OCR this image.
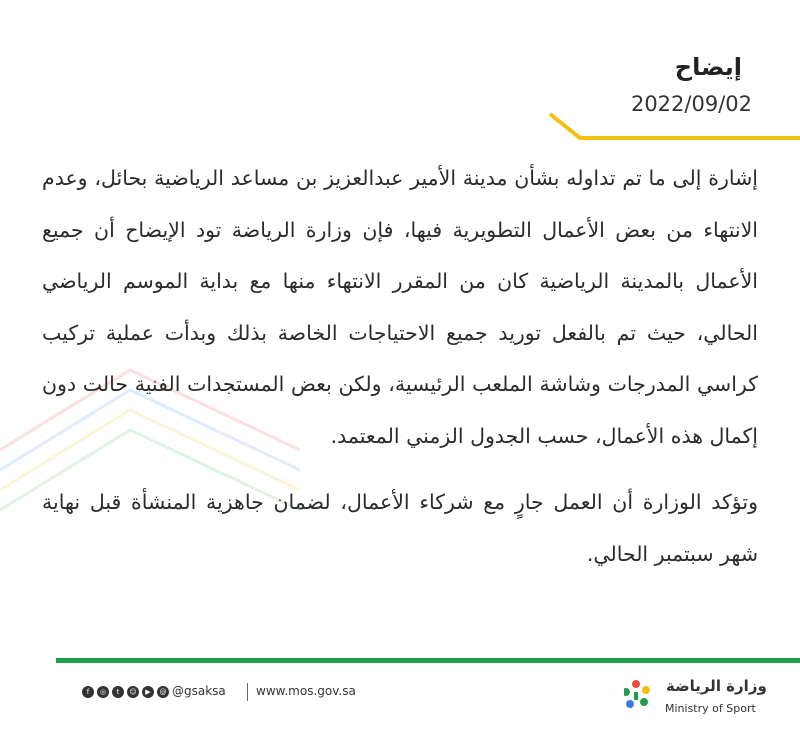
إيضاح
2022/09/02

إشارة إلى ما تم تداوله بشأن مدينة الأمير عبدالعزيز بن مساعد الرياضية بحائل، وعدم الانتهاء من بعض الأعمال التطويرية فيها، فإن وزارة الرياضة تود الإيضاح أن جميع الأعمال بالمدينة الرياضية كان من المقرر الانتهاء منها مع بداية الموسم الرياضي الحالي، حيث تم بالفعل توريد جميع الاحتياجات الخاصة بذلك وبدأت عملية تركيب كراسي المدرجات وشاشة الملعب الرئيسية، ولكن بعض المستجدات الفنية حالت دون إكمال هذه الأعمال، حسب الجدول الزمني المعتمد.

وتؤكد الوزارة أن العمل جارٍ مع شركاء الأعمال، لضمان جاهزية المنشأة قبل نهاية شهر سبتمبر الحالي.

f	◎	t	☺	▶	@ @gsaksa	www.mos.gov.sa	وزارة الرياضة
Ministry of Sport
